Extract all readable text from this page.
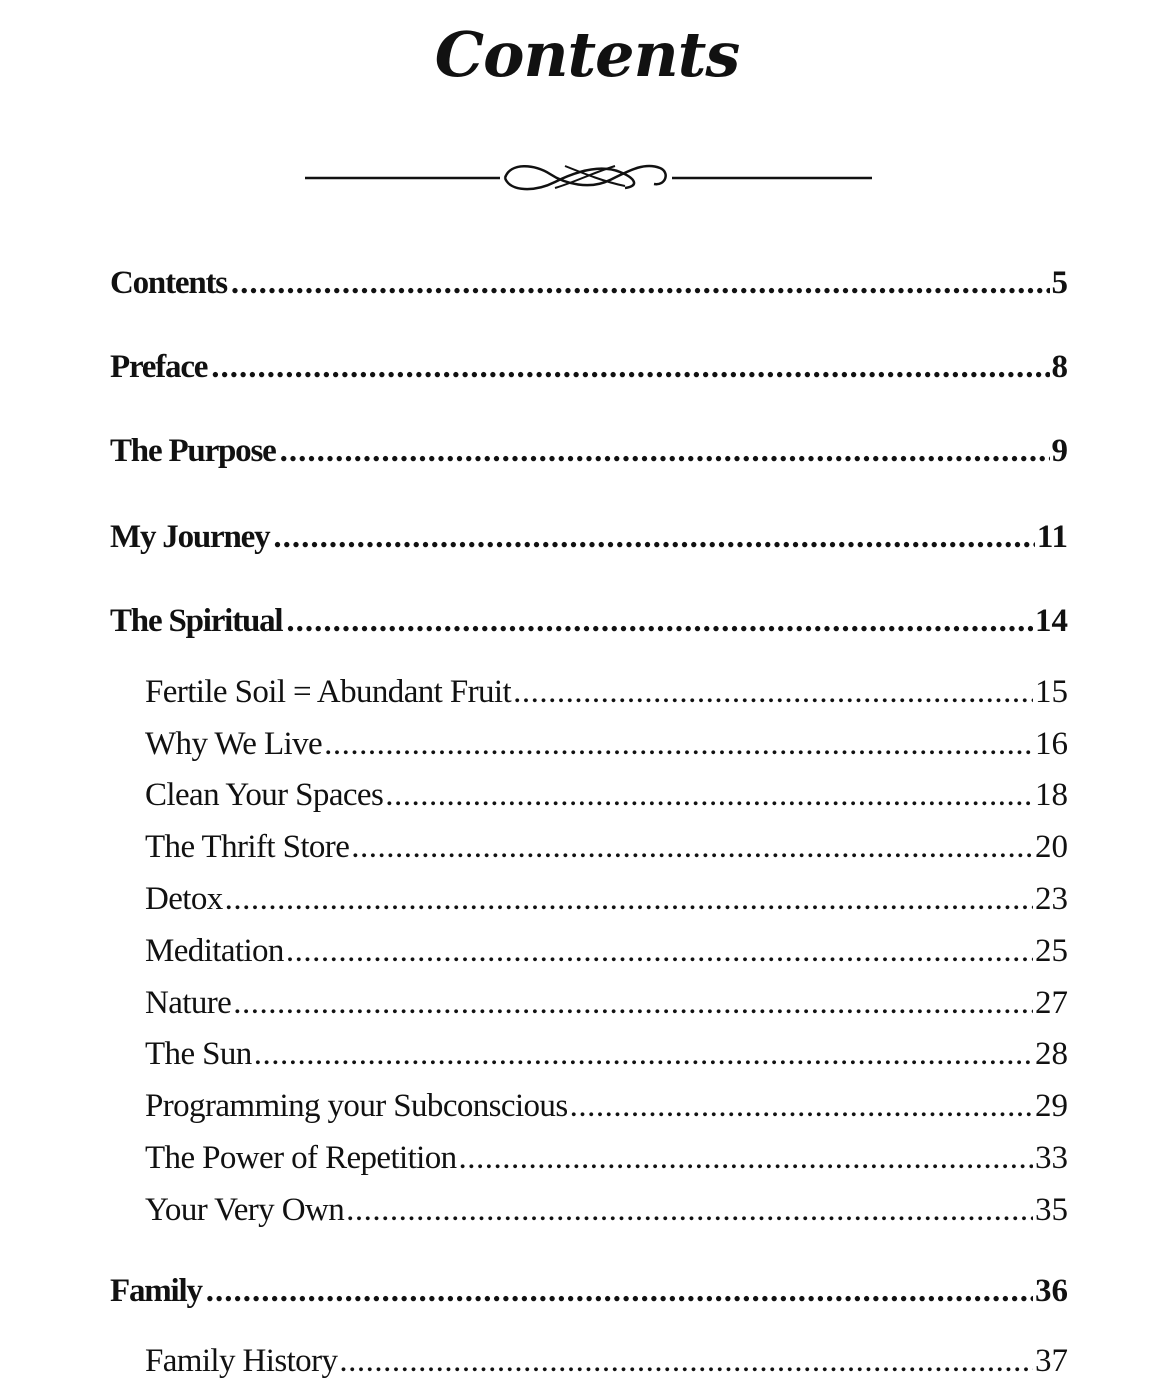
Contents
Contents .....	5
Preface .....	8
The Purpose .....	9
My Journey .....	11
The Spiritual .....	14
Fertile Soil = Abundant Fruit .....	15
Why We Live .....	16
Clean Your Spaces .....	18
The Thrift Store .....	20
Detox .....	23
Meditation .....	25
Nature .....	27
The Sun .....	28
Programming your Subconscious .....	29
The Power of Repetition .....	33
Your Very Own .....	35
Family .....	36
Family History .....	37
